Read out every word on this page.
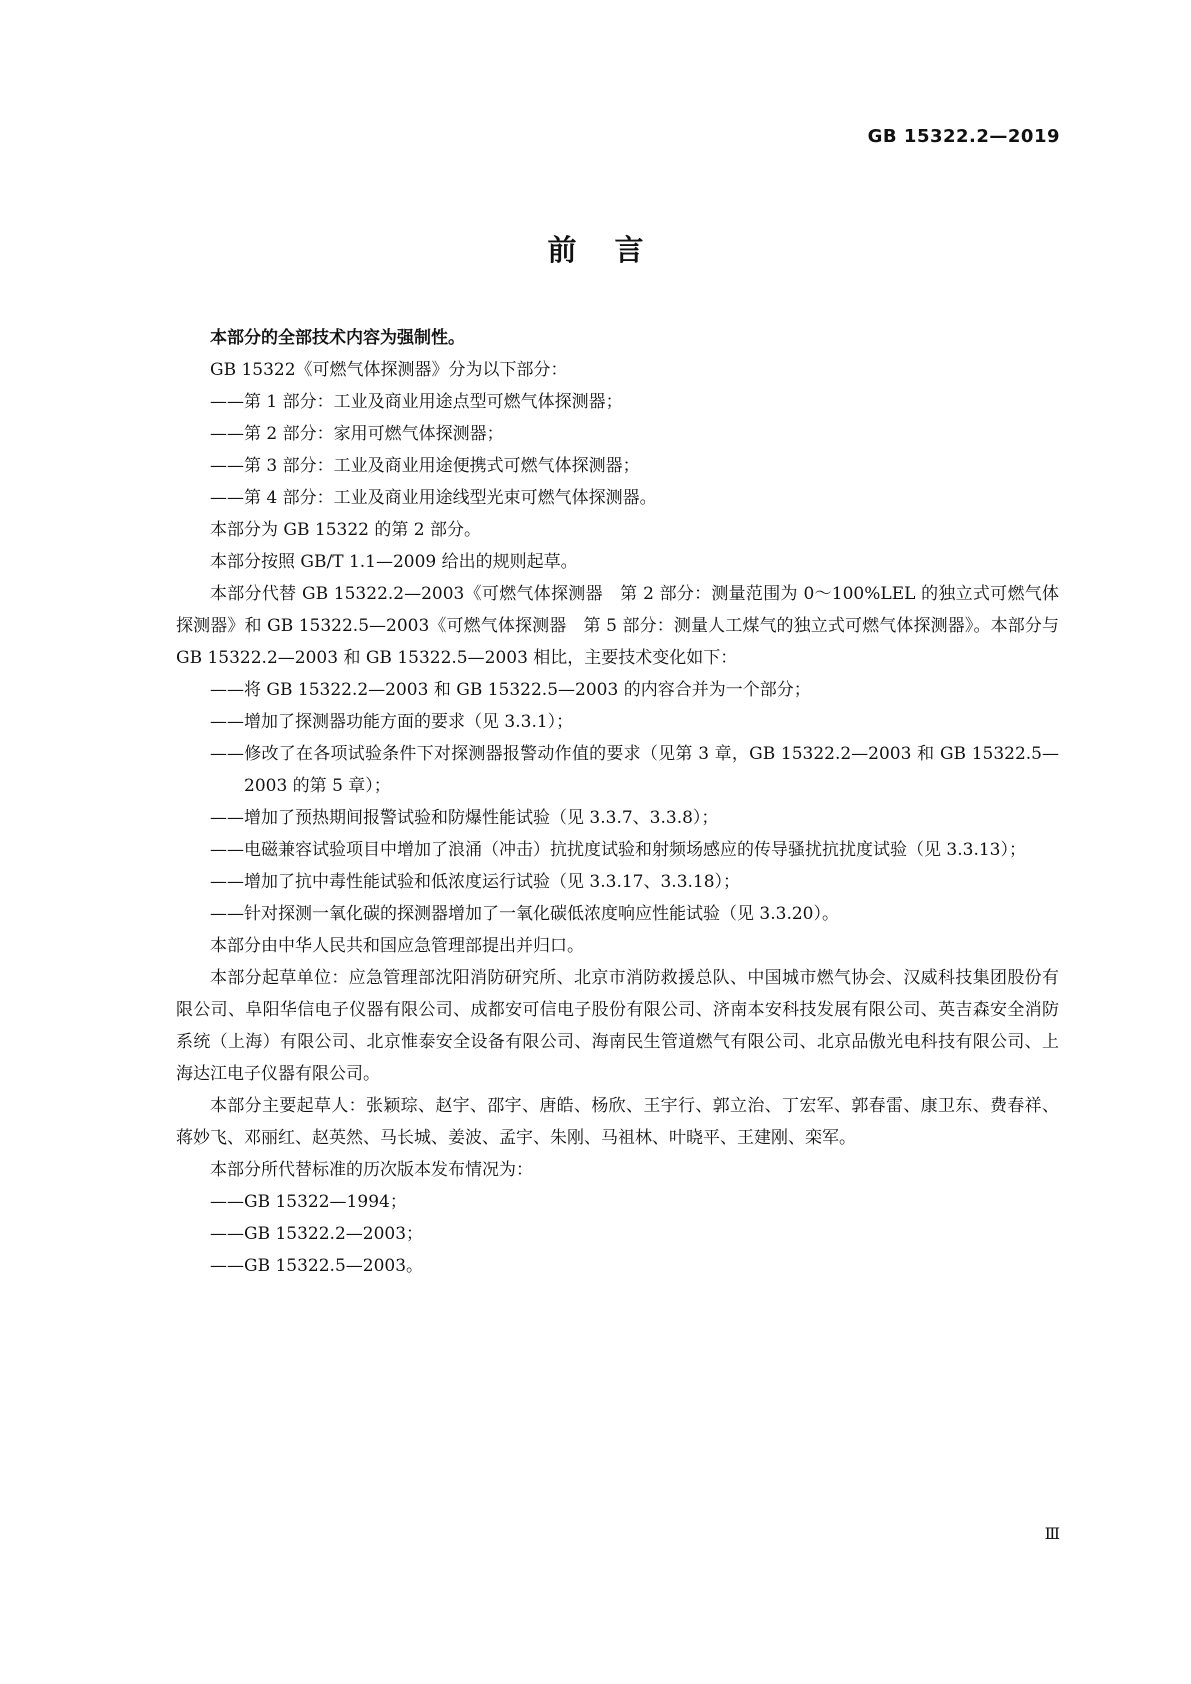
GB 15322.2—2019
前言

本部分的全部技术内容为强制性。

GB 15322《可燃气体探测器》分为以下部分：

——第 1 部分：工业及商业用途点型可燃气体探测器；

——第 2 部分：家用可燃气体探测器；

——第 3 部分：工业及商业用途便携式可燃气体探测器；

——第 4 部分：工业及商业用途线型光束可燃气体探测器。

本部分为 GB 15322 的第 2 部分。

本部分按照 GB/T 1.1—2009 给出的规则起草。

本部分代替 GB 15322.2—2003《可燃气体探测器　第 2 部分：测量范围为 0～100%LEL 的独立式可燃气体探测器》和 GB 15322.5—2003《可燃气体探测器　第 5 部分：测量人工煤气的独立式可燃气体探测器》。本部分与 GB 15322.2—2003 和 GB 15322.5—2003 相比，主要技术变化如下：

——将 GB 15322.2—2003 和 GB 15322.5—2003 的内容合并为一个部分；

——增加了探测器功能方面的要求（见 3.3.1）；

——修改了在各项试验条件下对探测器报警动作值的要求（见第 3 章，GB 15322.2—2003 和 GB 15322.5—2003 的第 5 章）；

——增加了预热期间报警试验和防爆性能试验（见 3.3.7、3.3.8）；

——电磁兼容试验项目中增加了浪涌（冲击）抗扰度试验和射频场感应的传导骚扰抗扰度试验（见 3.3.13）；

——增加了抗中毒性能试验和低浓度运行试验（见 3.3.17、3.3.18）；

——针对探测一氧化碳的探测器增加了一氧化碳低浓度响应性能试验（见 3.3.20）。

本部分由中华人民共和国应急管理部提出并归口。

本部分起草单位：应急管理部沈阳消防研究所、北京市消防救援总队、中国城市燃气协会、汉威科技集团股份有限公司、阜阳华信电子仪器有限公司、成都安可信电子股份有限公司、济南本安科技发展有限公司、英吉森安全消防系统（上海）有限公司、北京惟泰安全设备有限公司、海南民生管道燃气有限公司、北京品傲光电科技有限公司、上海达江电子仪器有限公司。

本部分主要起草人：张颖琮、赵宇、邵宇、唐皓、杨欣、王宇行、郭立治、丁宏军、郭春雷、康卫东、费春祥、蒋妙飞、邓丽红、赵英然、马长城、姜波、孟宇、朱刚、马祖林、叶晓平、王建刚、栾军。

本部分所代替标准的历次版本发布情况为：

——GB 15322—1994；

——GB 15322.2—2003；

——GB 15322.5—2003。

Ⅲ
